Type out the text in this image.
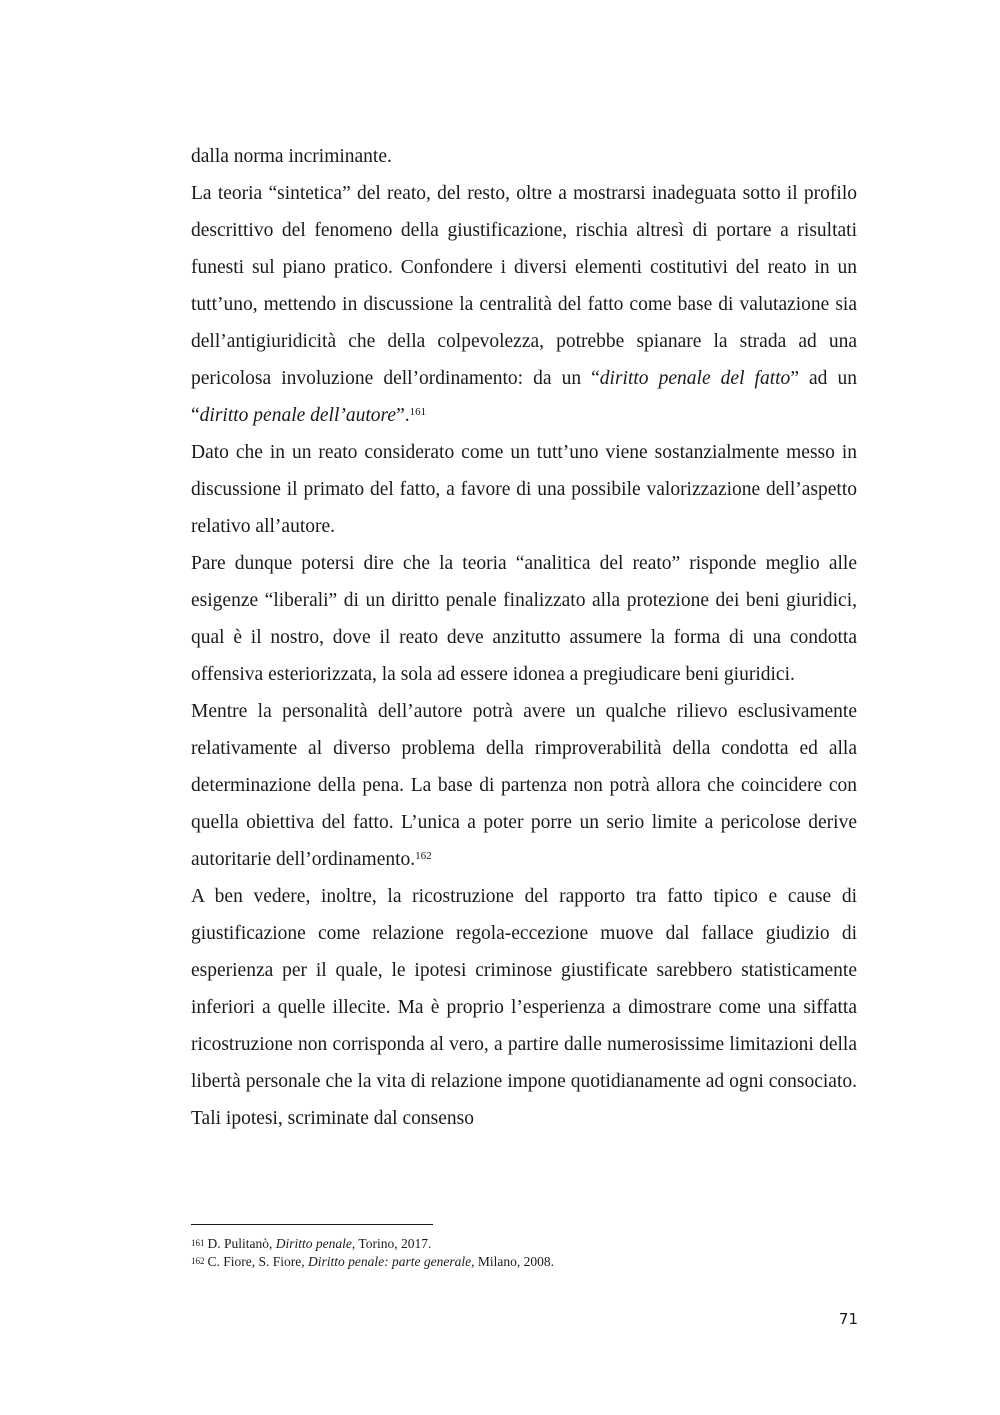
dalla norma incriminante.

La teoria “sintetica” del reato, del resto, oltre a mostrarsi inadeguata sotto il profilo descrittivo del fenomeno della giustificazione, rischia altresì di portare a risultati funesti sul piano pratico. Confondere i diversi elementi costitutivi del reato in un tutt’uno, mettendo in discussione la centralità del fatto come base di valutazione sia dell’antigiuridicità che della colpevolezza, potrebbe spianare la strada ad una pericolosa involuzione dell’ordinamento: da un “diritto penale del fatto” ad un “diritto penale dell’autore”.$^{161}$

Dato che in un reato considerato come un tutt’uno viene sostanzialmente messo in discussione il primato del fatto, a favore di una possibile valorizzazione dell’aspetto relativo all’autore.

Pare dunque potersi dire che la teoria “analitica del reato” risponde meglio alle esigenze “liberali” di un diritto penale finalizzato alla protezione dei beni giuridici, qual è il nostro, dove il reato deve anzitutto assumere la forma di una condotta offensiva esteriorizzata, la sola ad essere idonea a pregiudicare beni giuridici.

Mentre la personalità dell’autore potrà avere un qualche rilievo esclusivamente relativamente al diverso problema della rimproverabilità della condotta ed alla determinazione della pena. La base di partenza non potrà allora che coincidere con quella obiettiva del fatto. L’unica a poter porre un serio limite a pericolose derive autoritarie dell’ordinamento.$^{162}$

A ben vedere, inoltre, la ricostruzione del rapporto tra fatto tipico e cause di giustificazione come relazione regola-eccezione muove dal fallace giudizio di esperienza per il quale, le ipotesi criminose giustificate sarebbero statisticamente inferiori a quelle illecite. Ma è proprio l’esperienza a dimostrare come una siffatta ricostruzione non corrisponda al vero, a partire dalle numerosissime limitazioni della libertà personale che la vita di relazione impone quotidianamente ad ogni consociato. Tali ipotesi, scriminate dal consenso

$^{161}$ D. Pulitanò, Diritto penale, Torino, 2017.

$^{162}$ C. Fiore, S. Fiore, Diritto penale: parte generale, Milano, 2008.

71
